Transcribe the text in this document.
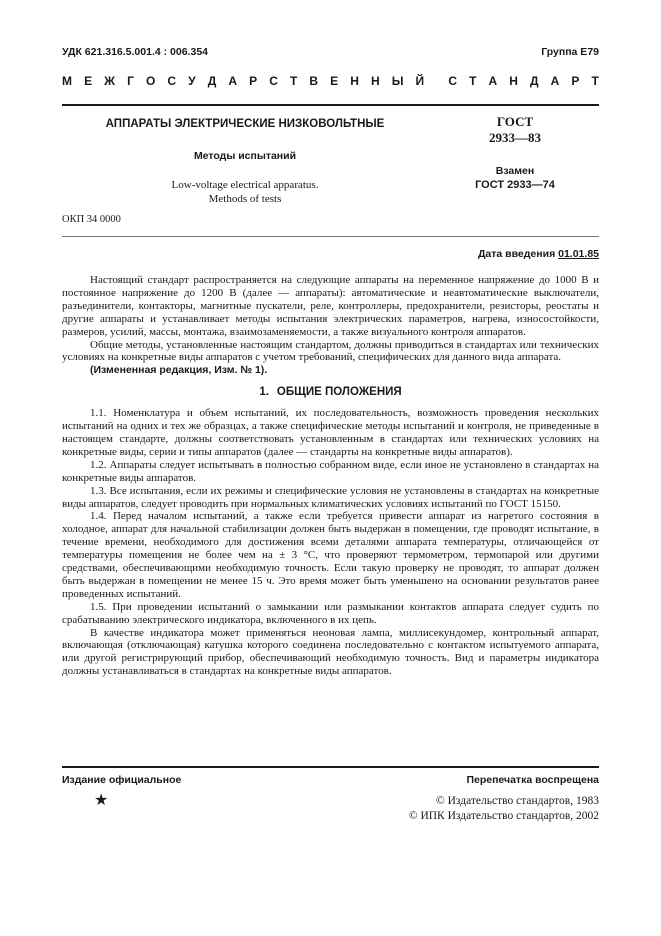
УДК 621.316.5.001.4 : 006.354	Группа Е79
М Е Ж Г О С У Д А Р С Т В Е Н Н Ы Й С Т А Н Д А Р Т
АППАРАТЫ ЭЛЕКТРИЧЕСКИЕ НИЗКОВОЛЬТНЫЕ
Методы испытаний
Low-voltage electrical apparatus.
Methods of tests
ГОСТ
2933—83
Взамен
ГОСТ 2933—74
ОКП 34 0000
Дата введения 01.01.85

Настоящий стандарт распространяется на следующие аппараты на переменное напряжение до 1000 В и постоянное напряжение до 1200 В (далее — аппараты): автоматические и неавтоматические выключатели, разъединители, контакторы, магнитные пускатели, реле, контроллеры, предохранители, резисторы, реостаты и другие аппараты и устанавливает методы испытания электрических параметров, нагрева, износостойкости, размеров, усилий, массы, монтажа, взаимозаменяемости, а также визуального контроля аппаратов.

Общие методы, установленные настоящим стандартом, должны приводиться в стандартах или технических условиях на конкретные виды аппаратов с учетом требований, специфических для данного вида аппарата.

(Измененная редакция, Изм. № 1).

1. ОБЩИЕ ПОЛОЖЕНИЯ

1.1. Номенклатура и объем испытаний, их последовательность, возможность проведения нескольких испытаний на одних и тех же образцах, а также специфические методы испытаний и контроля, не приведенные в настоящем стандарте, должны соответствовать установленным в стандартах или технических условиях на конкретные виды, серии и типы аппаратов (далее — стандарты на конкретные виды аппаратов).

1.2. Аппараты следует испытывать в полностью собранном виде, если иное не установлено в стандартах на конкретные виды аппаратов.

1.3. Все испытания, если их режимы и специфические условия не установлены в стандартах на конкретные виды аппаратов, следует проводить при нормальных климатических условиях испытаний по ГОСТ 15150.

1.4. Перед началом испытаний, а также если требуется привести аппарат из нагретого состояния в холодное, аппарат для начальной стабилизации должен быть выдержан в помещении, где проводят испытание, в течение времени, необходимого для достижения всеми деталями аппарата температуры, отличающейся от температуры помещения не более чем на ± 3 °С, что проверяют термометром, термопарой или другими средствами, обеспечивающими необходимую точность. Если такую проверку не проводят, то аппарат должен быть выдержан в помещении не менее 15 ч. Это время может быть уменьшено на основании результатов ранее проведенных испытаний.

1.5. При проведении испытаний о замыкании или размыкании контактов аппарата следует судить по срабатыванию электрического индикатора, включенного в их цепь.

В качестве индикатора может применяться неоновая лампа, миллисекундомер, контрольный аппарат, включающая (отключающая) катушка которого соединена последовательно с контактом испытуемого аппарата, или другой регистрирующий прибор, обеспечивающий необходимую точность. Вид и параметры индикатора должны устанавливаться в стандартах на конкретные виды аппаратов.

Издание официальное	Перепечатка воспрещена
★	© Издательство стандартов, 1983
© ИПК Издательство стандартов, 2002
